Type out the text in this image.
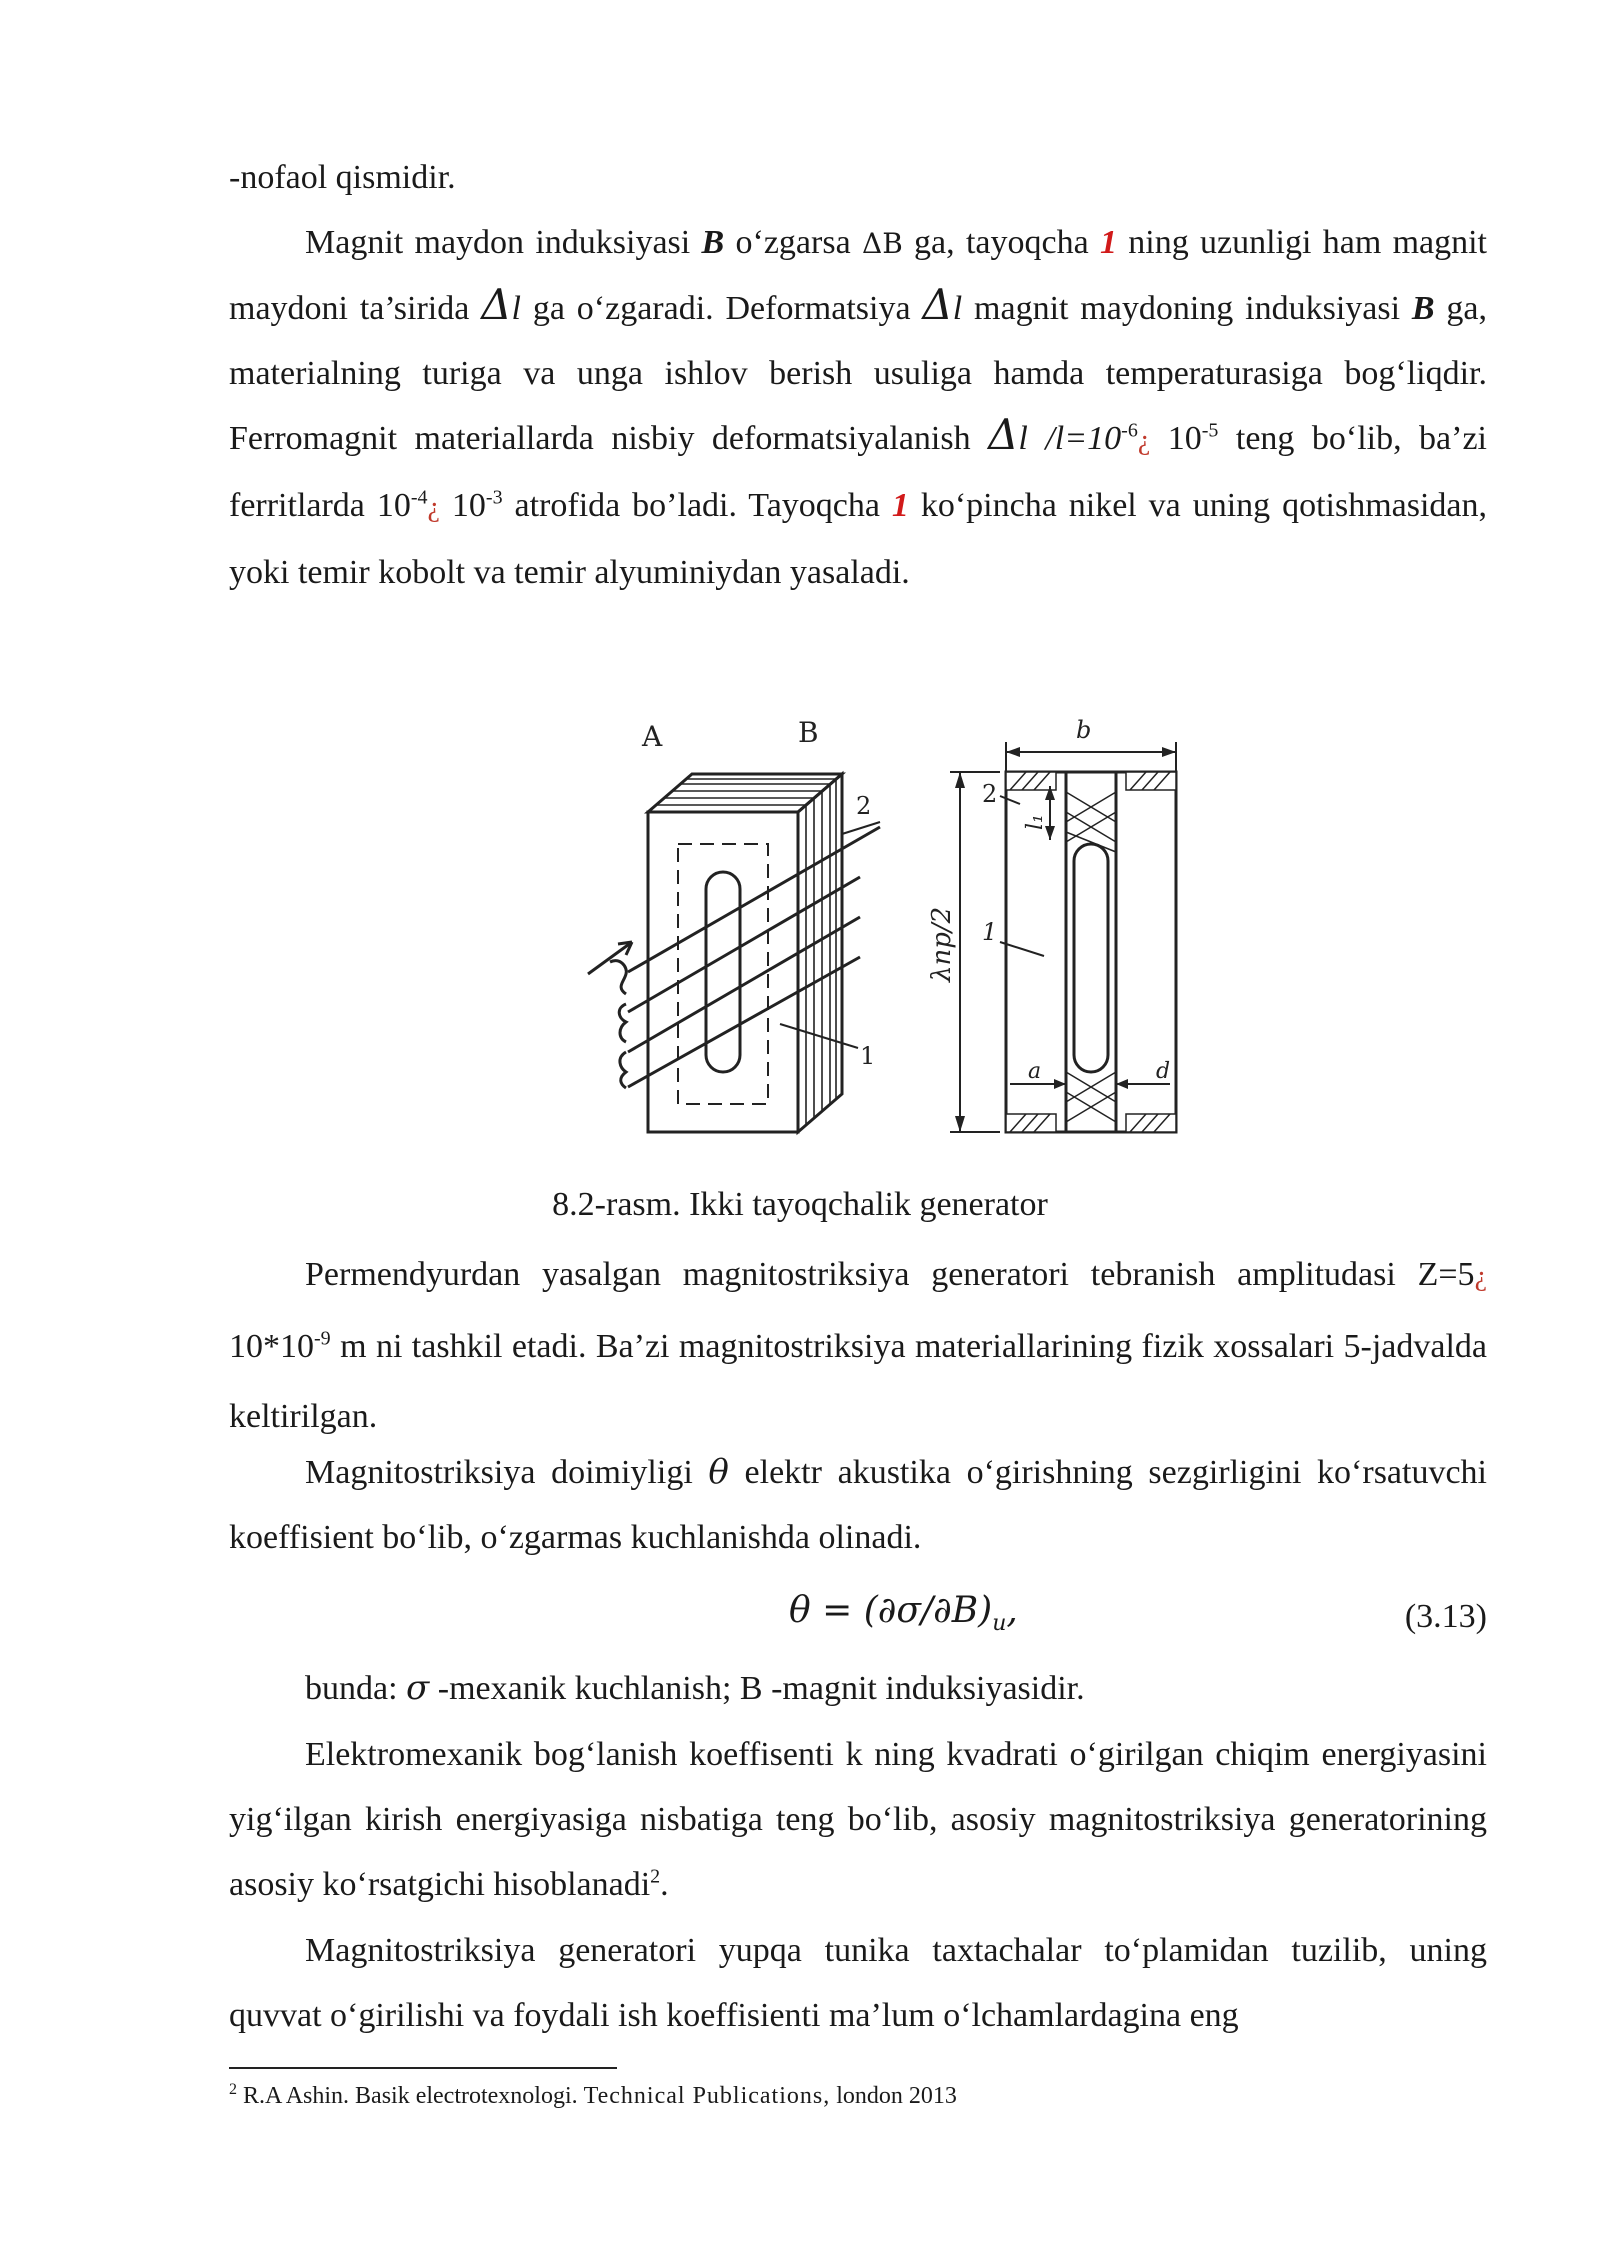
-nofaol qismidir.
Magnit maydon induksiyasi B o‘zgarsa ΔB ga, tayoqcha 1 ning uzunligi ham magnit maydoni ta’sirida Δl ga o‘zgaradi. Deformatsiya Δl magnit maydoning induksiyasi B ga, materialning turiga va unga ishlov berish usuliga hamda temperaturasiga bog‘liqdir. Ferromagnit materiallarda nisbiy deformatsiyalanish Δl $/l=10^{-6}¿$ $10^{-5}$ teng bo‘lib, ba’zi ferritlarda $10^{-4}¿$ $10^{-3}$ atrofida bo’ladi. Tayoqcha 1 ko‘pincha nikel va uning qotishmasidan, yoki temir kobolt va temir alyuminiydan yasaladi.
A	B
2
1
b
λnp/2
l₁
2
1
a	d
8.2-rasm. Ikki tayoqchalik generator
Permendyurdan yasalgan magnitostriksiya generatori tebranish amplitudasi Z=5¿ $10*10^{-9}$ m ni tashkil etadi. Ba’zi magnitostriksiya materiallarining fizik xossalari 5-jadvalda keltirilgan.
Magnitostriksiya doimiyligi θ elektr akustika o‘girishning sezgirligini ko‘rsatuvchi koeffisient bo‘lib, o‘zgarmas kuchlanishda olinadi.
$\theta = (\partial\sigma/\partial B)_u$,	(3.13)
bunda: σ -mexanik kuchlanish; B -magnit induksiyasidir.
Elektromexanik bog‘lanish koeffisenti k ning kvadrati o‘girilgan chiqim energiyasini yig‘ilgan kirish energiyasiga nisbatiga teng bo‘lib, asosiy magnitostriksiya generatorining asosiy ko‘rsatgichi hisoblanadi$^2$.
Magnitostriksiya generatori yupqa tunika taxtachalar to‘plamidan tuzilib, uning quvvat o‘girilishi va foydali ish koeffisienti ma’lum o‘lchamlardagina eng
$^2$ R.A Ashin. Basik electrotexnologi. Technical Publications, london 2013
